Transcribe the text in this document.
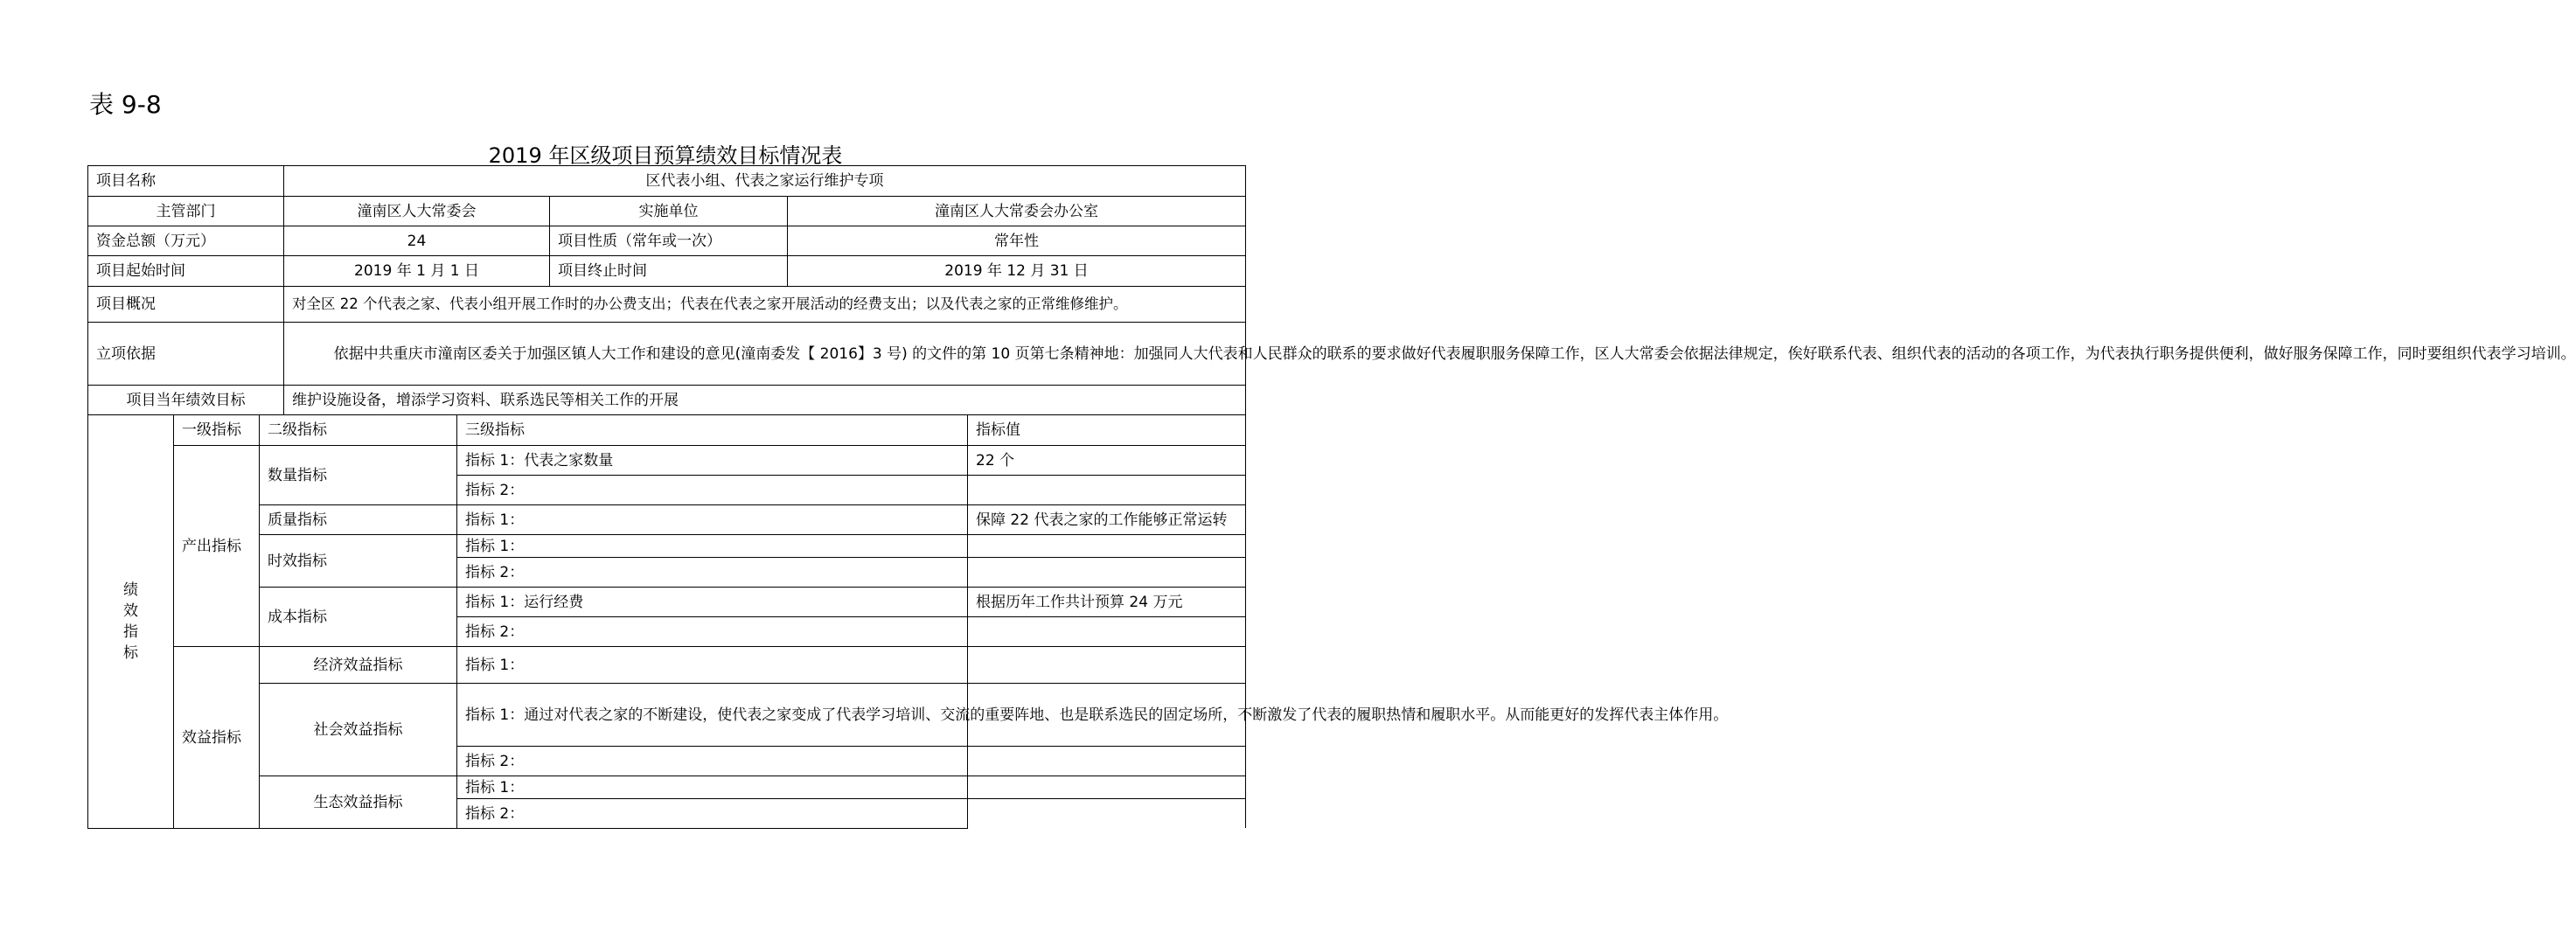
表 9-8
2019 年区级项目预算绩效目标情况表
项目名称			区代表小组、代表之家运行维护专项				
主管部门			潼南区人大常委会		实施单位	潼南区人大常委会办公室	
资金总额（万元）			24		项目性质（常年或一次）	常年性	
项目起始时间			2019 年 1 月 1 日		项目终止时间	2019 年 12 月 31 日	
项目概况			对全区 22 个代表之家、代表小组开展工作时的办公费支出；代表在代表之家开展活动的经费支出；以及代表之家的正常维修维护。				
立项依据			依据中共重庆市潼南区委关于加强区镇人大工作和建设的意见(潼南委发【 2016】3 号) 的文件的第 10 页第七条精神地：加强同人大代表和人民群众的联系的要求做好代表履职服务保障工作，区人大常委会依据法律规定，俟好联系代表、组织代表的活动的各项工作，为代表执行职务提供便利，做好服务保障工作，同时要组织代表学习培训。				
项目当年绩效目标			维护设施设备，增添学习资料、联系选民等相关工作的开展				

绩
效
指
标	一级指标	二级指标		三级指标			指标值
	产出指标	数量指标		指标 1：代表之家数量			22 个
				指标 2：			
		质量指标		指标 1：			保障 22 代表之家的工作能够正常运转
		时效指标		指标 1：			
				指标 2：			
		成本指标		指标 1：运行经费			根据历年工作共计预算 24 万元
				指标 2：			
	效益指标	经济效益指标		指标 1：			
		社会效益指标		指标 1：通过对代表之家的不断建设，使代表之家变成了代表学习培训、交流的重要阵地、也是联系选民的固定场所，不断激发了代表的履职热情和履职水平。从而能更好的发挥代表主体作用。			
				指标 2：			
		生态效益指标		指标 1：			
				指标 2：			
